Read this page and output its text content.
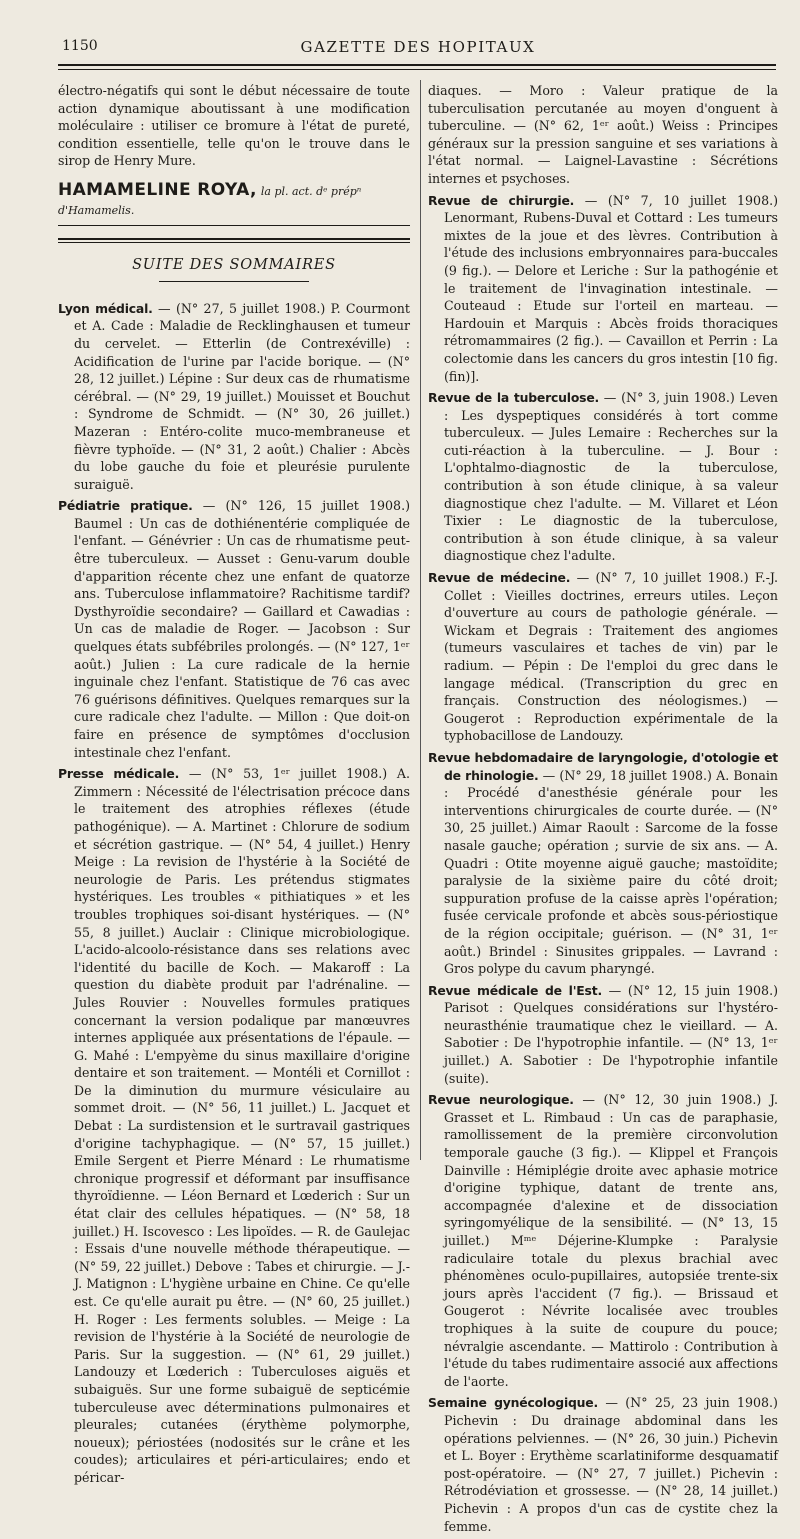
1150	GAZETTE DES HOPITAUX

électro-négatifs qui sont le début nécessaire de toute action dynamique aboutissant à une modification moléculaire : utiliser ce bromure à l'état de pureté, condition essentielle, telle qu'on le trouve dans le sirop de Henry Mure.

HAMAMELINE ROYA, la pl. act. dᵉ prépⁿ d'Hamamelis.
SUITE DES SOMMAIRES

Lyon médical. — (N° 27, 5 juillet 1908.) P. Courmont et A. Cade : Maladie de Recklinghausen et tumeur du cervelet. — Etterlin (de Contrexéville) : Acidification de l'urine par l'acide borique. — (N° 28, 12 juillet.) Lépine : Sur deux cas de rhumatisme cérébral. — (N° 29, 19 juillet.) Mouisset et Bouchut : Syndrome de Schmidt. — (N° 30, 26 juillet.) Mazeran : Entéro-colite muco-membraneuse et fièvre typhoïde. — (N° 31, 2 août.) Chalier : Abcès du lobe gauche du foie et pleurésie purulente suraiguë.

Pédiatrie pratique. — (N° 126, 15 juillet 1908.) Baumel : Un cas de dothiénentérie compliquée de l'enfant. — Génévrier : Un cas de rhumatisme peut-être tuberculeux. — Ausset : Genu-varum double d'apparition récente chez une enfant de quatorze ans. Tuberculose inflammatoire? Rachitisme tardif? Dysthyroïdie secondaire? — Gaillard et Cawadias : Un cas de maladie de Roger. — Jacobson : Sur quelques états subfébriles prolongés. — (N° 127, 1ᵉʳ août.) Julien : La cure radicale de la hernie inguinale chez l'enfant. Statistique de 76 cas avec 76 guérisons définitives. Quelques remarques sur la cure radicale chez l'adulte. — Millon : Que doit-on faire en présence de symptômes d'occlusion intestinale chez l'enfant.

Presse médicale. — (N° 53, 1ᵉʳ juillet 1908.) A. Zimmern : Nécessité de l'électrisation précoce dans le traitement des atrophies réflexes (étude pathogénique). — A. Martinet : Chlorure de sodium et sécrétion gastrique. — (N° 54, 4 juillet.) Henry Meige : La revision de l'hystérie à la Société de neurologie de Paris. Les prétendus stigmates hystériques. Les troubles « pithiatiques » et les troubles trophiques soi-disant hystériques. — (N° 55, 8 juillet.) Auclair : Clinique microbiologique. L'acido-alcoolo-résistance dans ses relations avec l'identité du bacille de Koch. — Makaroff : La question du diabète produit par l'adrénaline. — Jules Rouvier : Nouvelles formules pratiques concernant la version podalique par manœuvres internes appliquée aux présentations de l'épaule. — G. Mahé : L'empyème du sinus maxillaire d'origine dentaire et son traitement. — Montéli et Cornillot : De la diminution du murmure vésiculaire au sommet droit. — (N° 56, 11 juillet.) L. Jacquet et Debat : La surdistension et le surtravail gastriques d'origine tachyphagique. — (N° 57, 15 juillet.) Emile Sergent et Pierre Ménard : Le rhumatisme chronique progressif et déformant par insuffisance thyroïdienne. — Léon Bernard et Lœderich : Sur un état clair des cellules hépatiques. — (N° 58, 18 juillet.) H. Iscovesco : Les lipoïdes. — R. de Gaulejac : Essais d'une nouvelle méthode thérapeutique. — (N° 59, 22 juillet.) Debove : Tabes et chirurgie. — J.-J. Matignon : L'hygiène urbaine en Chine. Ce qu'elle est. Ce qu'elle aurait pu être. — (N° 60, 25 juillet.) H. Roger : Les ferments solubles. — Meige : La revision de l'hystérie à la Société de neurologie de Paris. Sur la suggestion. — (N° 61, 29 juillet.) Landouzy et Lœderich : Tuberculoses aiguës et subaiguës. Sur une forme subaiguë de septicémie tuberculeuse avec déterminations pulmonaires et pleurales; cutanées (érythème polymorphe, noueux); périostées (nodosités sur le crâne et les coudes); articulaires et péri-articulaires; endo et péricar-

diaques. — Moro : Valeur pratique de la tuberculisation percutanée au moyen d'onguent à tuberculine. — (N° 62, 1ᵉʳ août.) Weiss : Principes généraux sur la pression sanguine et ses variations à l'état normal. — Laignel-Lavastine : Sécrétions internes et psychoses.

Revue de chirurgie. — (N° 7, 10 juillet 1908.) Lenormant, Rubens-Duval et Cottard : Les tumeurs mixtes de la joue et des lèvres. Contribution à l'étude des inclusions embryonnaires para-buccales (9 fig.). — Delore et Leriche : Sur la pathogénie et le traitement de l'invagination intestinale. — Couteaud : Etude sur l'orteil en marteau. — Hardouin et Marquis : Abcès froids thoraciques rétromammaires (2 fig.). — Cavaillon et Perrin : La colectomie dans les cancers du gros intestin [10 fig. (fin)].

Revue de la tuberculose. — (N° 3, juin 1908.) Leven : Les dyspeptiques considérés à tort comme tuberculeux. — Jules Lemaire : Recherches sur la cuti-réaction à la tuberculine. — J. Bour : L'ophtalmo-diagnostic de la tuberculose, contribution à son étude clinique, à sa valeur diagnostique chez l'adulte. — M. Villaret et Léon Tixier : Le diagnostic de la tuberculose, contribution à son étude clinique, à sa valeur diagnostique chez l'adulte.

Revue de médecine. — (N° 7, 10 juillet 1908.) F.-J. Collet : Vieilles doctrines, erreurs utiles. Leçon d'ouverture au cours de pathologie générale. — Wickam et Degrais : Traitement des angiomes (tumeurs vasculaires et taches de vin) par le radium. — Pépin : De l'emploi du grec dans le langage médical. (Transcription du grec en français. Construction des néologismes.) — Gougerot : Reproduction expérimentale de la typhobacillose de Landouzy.

Revue hebdomadaire de laryngologie, d'otologie et de rhinologie. — (N° 29, 18 juillet 1908.) A. Bonain : Procédé d'anesthésie générale pour les interventions chirurgicales de courte durée. — (N° 30, 25 juillet.) Aimar Raoult : Sarcome de la fosse nasale gauche; opération ; survie de six ans. — A. Quadri : Otite moyenne aiguë gauche; mastoïdite; paralysie de la sixième paire du côté droit; suppuration profuse de la caisse après l'opération; fusée cervicale profonde et abcès sous-périostique de la région occipitale; guérison. — (N° 31, 1ᵉʳ août.) Brindel : Sinusites grippales. — Lavrand : Gros polype du cavum pharyngé.

Revue médicale de l'Est. — (N° 12, 15 juin 1908.) Parisot : Quelques considérations sur l'hystéro-neurasthénie traumatique chez le vieillard. — A. Sabotier : De l'hypotrophie infantile. — (N° 13, 1ᵉʳ juillet.) A. Sabotier : De l'hypotrophie infantile (suite).

Revue neurologique. — (N° 12, 30 juin 1908.) J. Grasset et L. Rimbaud : Un cas de paraphasie, ramollissement de la première circonvolution temporale gauche (3 fig.). — Klippel et François Dainville : Hémiplégie droite avec aphasie motrice d'origine typhique, datant de trente ans, accompagnée d'alexine et de dissociation syringomyélique de la sensibilité. — (N° 13, 15 juillet.) Mᵐᵉ Déjerine-Klumpke : Paralysie radiculaire totale du plexus brachial avec phénomènes oculo-pupillaires, autopsiée trente-six jours après l'accident (7 fig.). — Brissaud et Gougerot : Névrite localisée avec troubles trophiques à la suite de coupure du pouce; névralgie ascendante. — Mattirolo : Contribution à l'étude du tabes rudimentaire associé aux affections de l'aorte.

Semaine gynécologique. — (N° 25, 23 juin 1908.) Pichevin : Du drainage abdominal dans les opérations pelviennes. — (N° 26, 30 juin.) Pichevin et L. Boyer : Erythème scarlatiniforme desquamatif post-opératoire. — (N° 27, 7 juillet.) Pichevin : Rétrodéviation et grossesse. — (N° 28, 14 juillet.) Pichevin : A propos d'un cas de cystite chez la femme.
